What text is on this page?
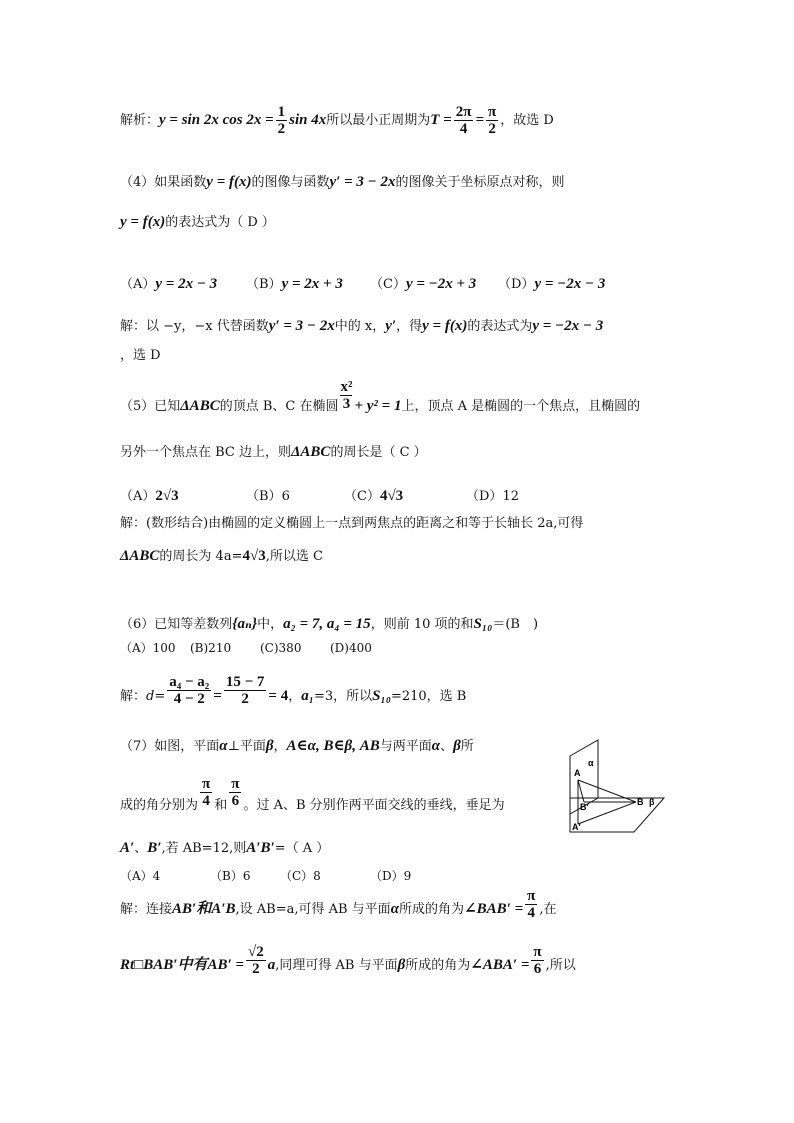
解析：y = sin 2x $\cos 2x = \frac{1}{2}$ sin 4x所以最小正周期为$T = \frac{2\pi}{4} = \frac{\pi}{2}$ ，故选 D
（4）如果函数y = f(x)的图像与函数y′ = 3 − 2x的图像关于坐标原点对称，则
y = f(x)的表达式为（ D ）
（A）y = 2x − 3 （B）y = 2x + 3 （C）y = −2x + 3 （D）y = −2x − 3
解：以 −y，−x 代替函数y′ = 3 − 2x中的 x，y′，得y = f(x)的表达式为y = −2x − 3
，选 D
（5）已知ΔABC的顶点 B、C 在椭圆 $\frac{\text{x²}}{3} + y^2 = 1$上，顶点 A 是椭圆的一个焦点，且椭圆的
另外一个焦点在 BC 边上，则ΔABC的周长是（ C ）
（A）2√3	（B）6	（C）4√3	（D）12
解：(数形结合)由椭圆的定义椭圆上一点到两焦点的距离之和等于长轴长 2a,可得
ΔABC的周长为 4a=4√3,所以选 C
（6）已知等差数列{aₙ}中，a₂ = 7, a₄ = 15，则前 10 项的和S₁₀＝(B　)
（A）100 (B)210 (C)380 (D)400
解：$d= \frac{\text{a₄ − a₂}}{4 - 2} = \frac{15 - 7}{2} = 4$，a₁=3，所以S₁₀=210，选 B
（7）如图，平面α⊥平面β，A∈α, B∈β, AB与两平面α、β所
成的角分别为 $\frac{\pi}{4}$ 和 $\frac{\pi}{6}$ 。过 A、B 分别作两平面交线的垂线，垂足为
A′、B′,若 AB=12,则A′B′=（ A ）
（A）4	（B）6 （C）8	（D）9
解：连接AB′和A′B,设 AB=a,可得 AB 与平面α所成的角为∠BAB′ = $\frac{\pi}{4}$ ,在
Rt□BAB′中有$AB' = \frac{√2}{2} a$,同理可得 AB 与平面β所成的角为∠ABA′ = $\frac{\pi}{6}$ ,所以
α
A
B′	B β
A′
